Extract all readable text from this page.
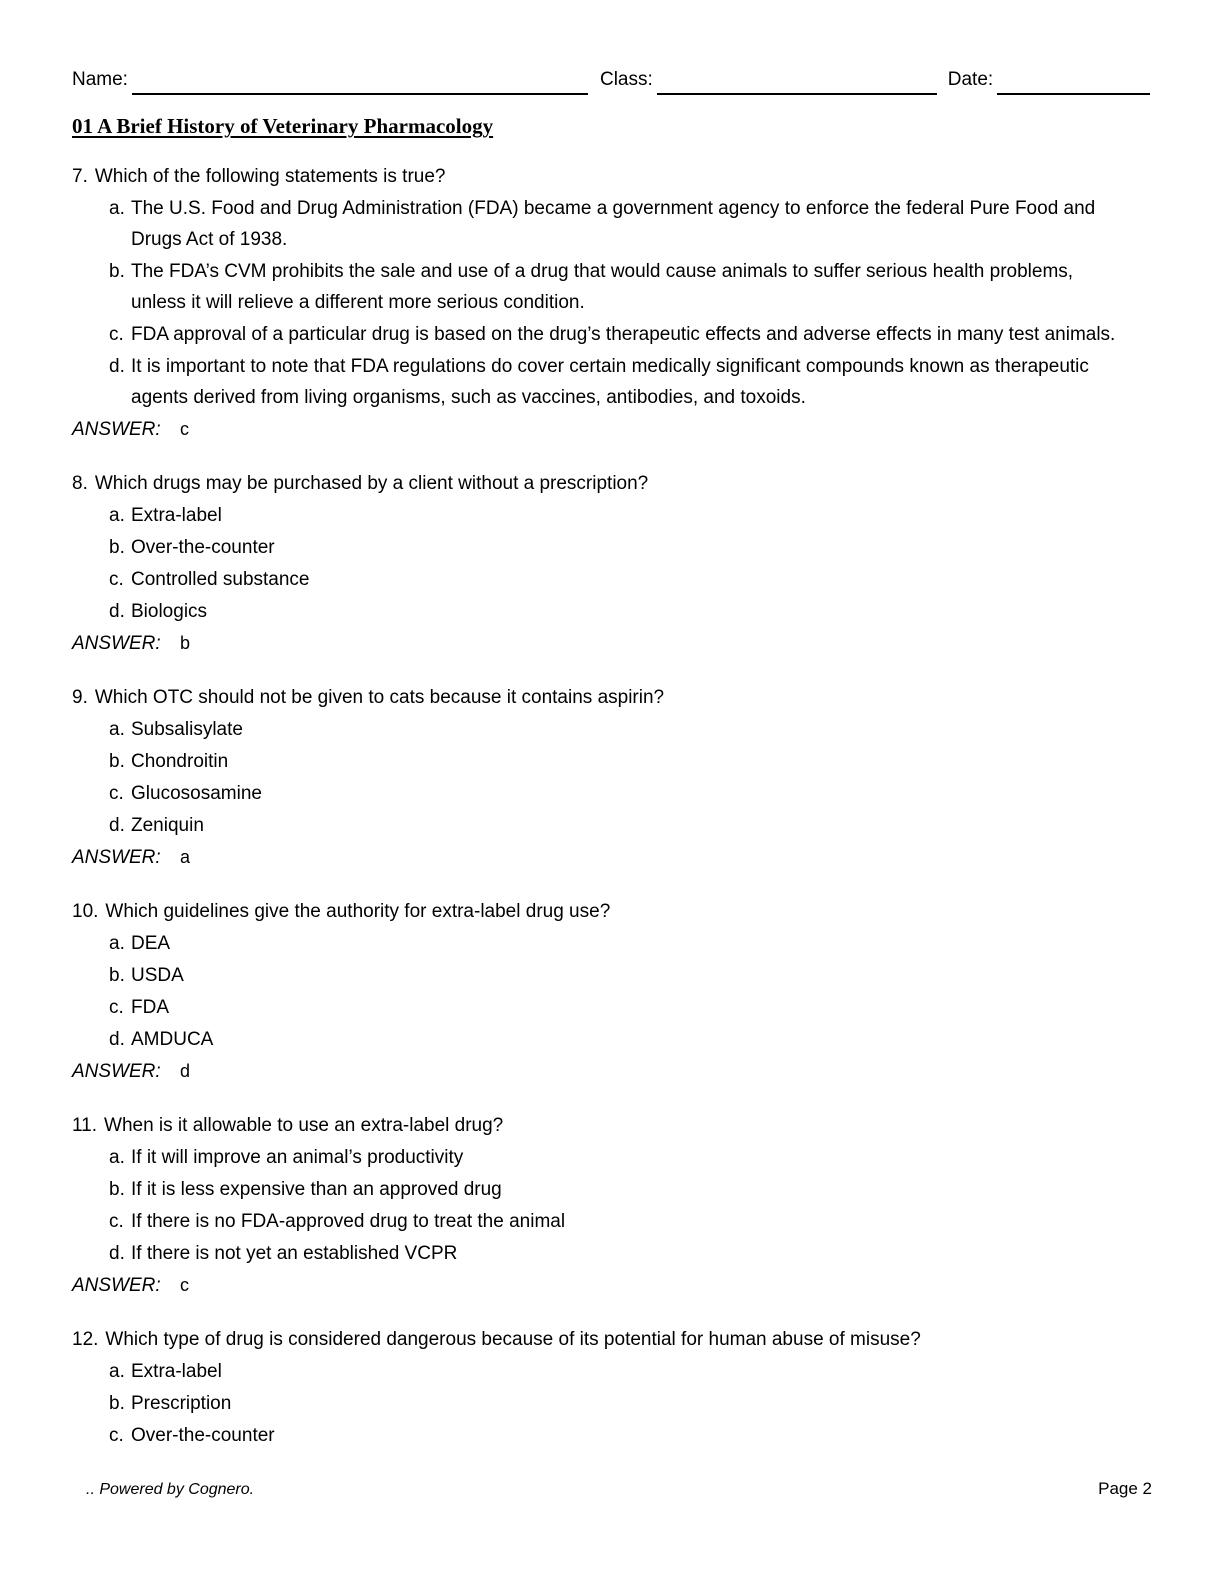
Name:	Class:	Date:
01 A Brief History of Veterinary Pharmacology
7. Which of the following statements is true?
a. The U.S. Food and Drug Administration (FDA) became a government agency to enforce the federal Pure Food and Drugs Act of 1938.
b. The FDA’s CVM prohibits the sale and use of a drug that would cause animals to suffer serious health problems, unless it will relieve a different more serious condition.
c. FDA approval of a particular drug is based on the drug’s therapeutic effects and adverse effects in many test animals.
d. It is important to note that FDA regulations do cover certain medically significant compounds known as therapeutic agents derived from living organisms, such as vaccines, antibodies, and toxoids.
ANSWER: c
8. Which drugs may be purchased by a client without a prescription?
a. Extra-label
b. Over-the-counter
c. Controlled substance
d. Biologics
ANSWER: b
9. Which OTC should not be given to cats because it contains aspirin?
a. Subsalisylate
b. Chondroitin
c. Glucososamine
d. Zeniquin
ANSWER: a
10. Which guidelines give the authority for extra-label drug use?
a. DEA
b. USDA
c. FDA
d. AMDUCA
ANSWER: d
11. When is it allowable to use an extra-label drug?
a. If it will improve an animal’s productivity
b. If it is less expensive than an approved drug
c. If there is no FDA-approved drug to treat the animal
d. If there is not yet an established VCPR
ANSWER: c
12. Which type of drug is considered dangerous because of its potential for human abuse of misuse?
a. Extra-label
b. Prescription
c. Over-the-counter
.. Powered by Cognero.	Page 2
